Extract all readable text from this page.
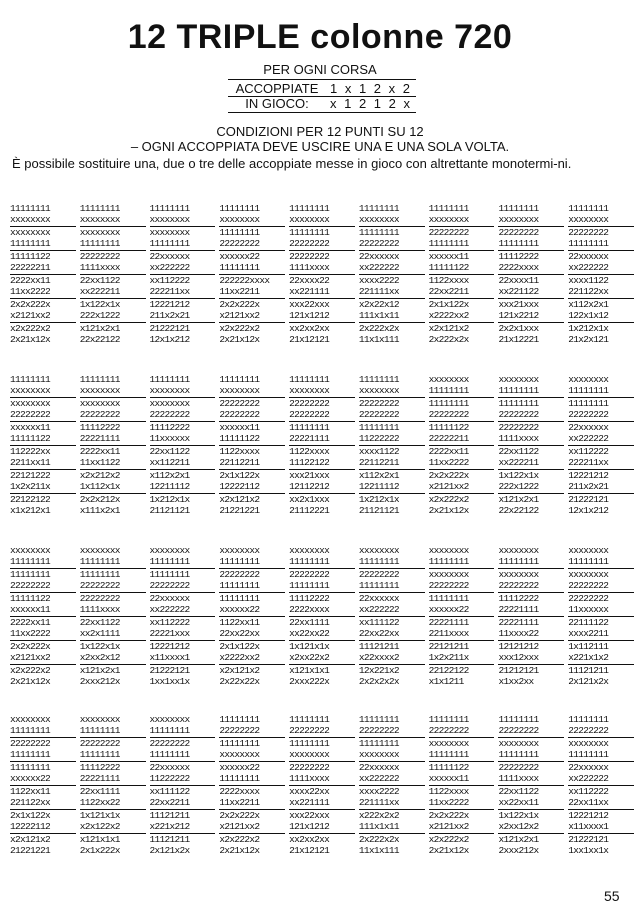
12 TRIPLE colonne 720
PER OGNI CORSA
ACCOPPIATE 1 x 1 2 x 2
IN GIOCO:	x 1 2 1 2 x
CONDIZIONI PER 12 PUNTI SU 12
– OGNI ACCOPPIATA DEVE USCIRE UNA E UNA SOLA VOLTA.
È possibile sostituire una, due o tre delle accoppiate messe in gioco con altrettante monotermi-ni.
11111111
xxxxxxxx
xxxxxxxx
11111111
11111122
22222211
2222xx11
11xx2222
2x2x222x
x2121xx2
x2x222x2
2x21x12x
11111111
xxxxxxxx
xxxxxxxx
11111111
22222222
1111xxxx
22xx1122
xx222211
1x122x1x
222x1222
x121x2x1
22x22122
11111111
xxxxxxxx
xxxxxxxx
11111111
22xxxxxx
xx222222
xx112222
222211xx
12221212
211x2x21
21222121
12x1x212
11111111
xxxxxxxx
11111111
22222222
xxxxxx22
11111111
222222xxxx
11xx2211
2x2x222x
x2121xx2
x2x222x2
2x21x12x
11111111
xxxxxxxx
11111111
22222222
22222222
1111xxxx
22xxxx22
xx221111
xxx22xxx
121x1212
xx2xx2xx
21x12121
11111111
xxxxxxxx
11111111
22222222
22xxxxxx
xx222222
xxxx2222
221111xx
x2x22x12
111x1x11
2x222x2x
11x1x111
11111111
xxxxxxxx
22222222
11111111
xxxxxx11
11111122
1122xxxx
22xx2211
2x1x122x
x2222xx2
x2x121x2
2x222x2x
11111111
xxxxxxxx
22222222
11111111
11112222
2222xxxx
22xxxx11
xx221122
xxx21xxx
121x2212
2x2x1xxx
21x12221
11111111
xxxxxxxx
22222222
11111111
22xxxxxx
xx222222
xxxx1122
221122xx
x112x2x1
122x1x12
1x212x1x
21x2x121
11111111
xxxxxxxx
xxxxxxxx
22222222
xxxxxx11
11111122
112222xx
2211xx11
22121222
1x2x211x
22122122
x1x212x1
11111111
xxxxxxxx
xxxxxxxx
22222222
11112222
22221111
2222xx11
11xx1122
x2x212x2
1x112x1x
2x2x212x
x111x2x1
11111111
xxxxxxxx
xxxxxxxx
22222222
11112222
11xxxxxx
22xx1122
xx112211
x112x2x1
12211112
1x212x1x
21121121
11111111
xxxxxxxx
22222222
22222222
xxxxxx11
11111122
1122xxxx
22112211
2x1x122x
12222112
x2x121x2
21221221
11111111
xxxxxxxx
22222222
22222222
11111111
22221111
1122xxxx
11122122
xxx21xxx
12112212
xx2x1xxx
21112221
11111111
xxxxxxxx
22222222
22222222
11111111
11222222
xxxx1122
22112211
x112x2x1
12211112
1x212x1x
21121121
xxxxxxxx
11111111
11111111
22222222
11111122
22222211
2222xx11
11xx2222
2x2x222x
x2121xx2
x2x222x2
2x21x12x
xxxxxxxx
11111111
11111111
22222222
22222222
1111xxxx
22xx1122
xx222211
1x122x1x
222x1222
x121x2x1
22x22122
xxxxxxxx
11111111
11111111
22222222
22xxxxxx
xx222222
xx112222
222211xx
12221212
211x2x21
21222121
12x1x212
xxxxxxxx
11111111
11111111
22222222
11111122
xxxxxx11
2222xx11
11xx2222
2x2x222x
x2121xx2
x2x222x2
2x21x12x
xxxxxxxx
11111111
11111111
22222222
22222222
1111xxxx
22xx1122
xx2x1111
1x122x1x
x2xx2x12
x121x2x1
2xxx212x
xxxxxxxx
11111111
11111111
22222222
22xxxxxx
xx222222
xx112222
22221xxx
12221212
x11xxxx1
21222121
1xx1xx1x
xxxxxxxx
11111111
22222222
11111111
11111111
xxxxxx22
1122xx11
22xx22xx
2x1x122x
x2222xx2
x2x121x2
2x22x22x
xxxxxxxx
11111111
22222222
11111111
11112222
2222xxxx
22xx1111
xx22xx22
1x121x1x
x2xx22x2
x121x1x1
2xxx222x
xxxxxxxx
11111111
22222222
11111111
22xxxxxx
xx222222
xx111122
22xx22xx
11121211
x22xxxx2
12x221x2
2x2x2x2x
xxxxxxxx
11111111
xxxxxxxx
22222222
11111111
xxxxxx22
22221111
2211xxxx
22121211
1x2x211x
22122122
x1x1211
xxxxxxxx
11111111
xxxxxxxx
22222222
11112222
22221111
22221111
11xxxx22
12121212
xxx12xxx
21212121
x1xx2xx
xxxxxxxx
11111111
xxxxxxxx
22222222
22222222
11xxxxxx
22111122
xxxx2211
1x112111
x221x1x2
11121211
2x121x2x
xxxxxxxx
11111111
22222222
11111111
11111111
xxxxxx22
1122xx11
221122xx
2x1x122x
12222112
x2x121x2
21221221
xxxxxxxx
11111111
22222222
11111111
11112222
22221111
22xx1111
1122xx22
1x121x1x
x2x122x2
x121x1x1
2x1x222x
xxxxxxxx
11111111
22222222
11111111
22xxxxxx
11222222
xx111122
22xx2211
11121211
x221x212
11121211
2x121x2x
11111111
22222222
11111111
xxxxxxxx
xxxxxx22
11111111
2222xxxx
11xx2211
2x2x222x
x2121xx2
x2x222x2
2x21x12x
11111111
22222222
11111111
xxxxxxxx
22222222
1111xxxx
xxxx22xx
xx221111
xxx22xxx
121x1212
xx2xx2xx
21x12121
11111111
22222222
11111111
xxxxxxxx
22xxxxxx
xx222222
xxxx2222
221111xx
x222x2x2
111x1x11
2x222x2x
11x1x111
11111111
22222222
xxxxxxxx
11111111
11111122
xxxxxx11
1122xxxx
11xx2222
2x2x222x
x2121xx2
x2x222x2
2x21x12x
11111111
22222222
xxxxxxxx
11111111
22222222
1111xxxx
22xx1122
xx22xx11
1x122x1x
x2xx12x2
x121x2x1
2xxx212x
11111111
22222222
xxxxxxxx
11111111
22xxxxxx
xx222222
xx112222
22xx11xx
12221212
x11xxxx1
21222121
1xx1xx1x
55
